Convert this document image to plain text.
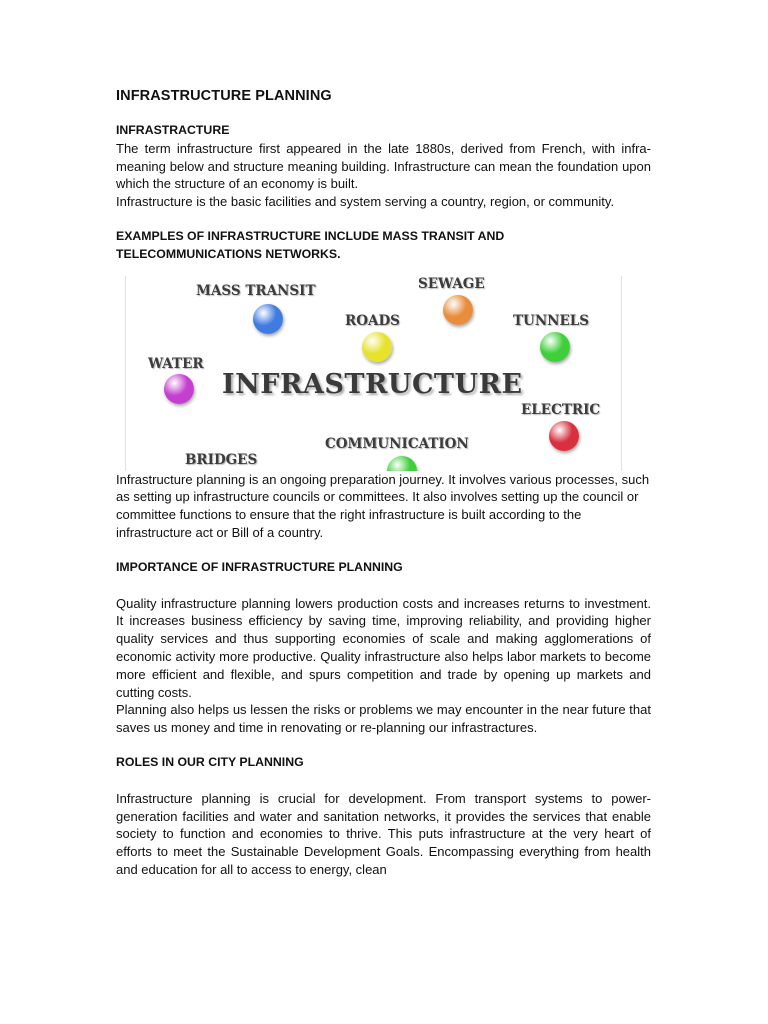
INFRASTRUCTURE PLANNING
INFRASTRACTURE

The term infrastructure first appeared in the late 1880s, derived from French, with infra- meaning below and structure meaning building. Infrastructure can mean the foundation upon which the structure of an economy is built.

Infrastructure is the basic facilities and system serving a country, region, or community.

EXAMPLES OF INFRASTRUCTURE INCLUDE MASS TRANSIT AND TELECOMMUNICATIONS NETWORKS.
MASS TRANSIT
ROADS
SEWAGE
TUNNELS
WATER
INFRASTRUCTURE
ELECTRIC
COMMUNICATION
BRIDGES

Infrastructure planning is an ongoing preparation journey. It involves various processes, such as setting up infrastructure councils or committees. It also involves setting up the council or committee functions to ensure that the right infrastructure is built according to the infrastructure act or Bill of a country.

IMPORTANCE OF INFRASTRUCTURE PLANNING

Quality infrastructure planning lowers production costs and increases returns to investment. It increases business efficiency by saving time, improving reliability, and providing higher quality services and thus supporting economies of scale and making agglomerations of economic activity more productive. Quality infrastructure also helps labor markets to become more efficient and flexible, and spurs competition and trade by opening up markets and cutting costs.

Planning also helps us lessen the risks or problems we may encounter in the near future that saves us money and time in renovating or re-planning our infrastractures.

ROLES IN OUR CITY PLANNING

Infrastructure planning is crucial for development. From transport systems to power-generation facilities and water and sanitation networks, it provides the services that enable society to function and economies to thrive. This puts infrastructure at the very heart of efforts to meet the Sustainable Development Goals. Encompassing everything from health and education for all to access to energy, clean
